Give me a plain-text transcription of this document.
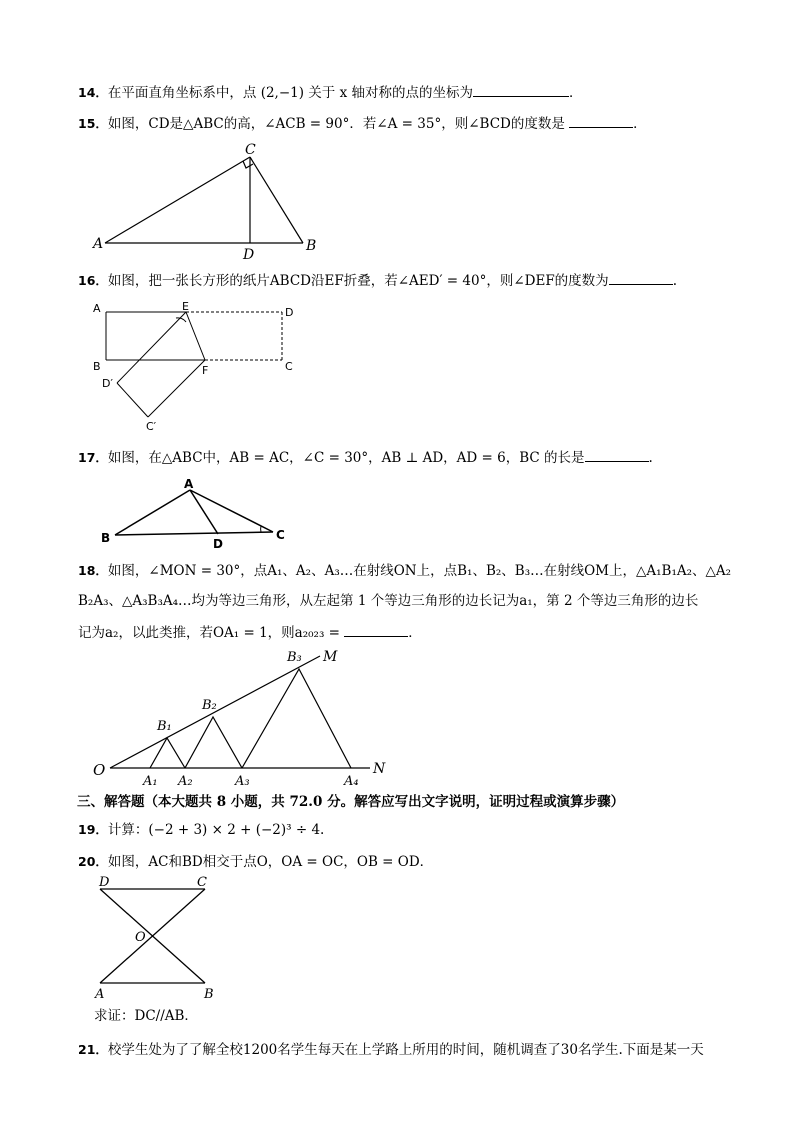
14．在平面直角坐标系中，点 (2,−1) 关于 x 轴对称的点的坐标为	．
15．如图，CD是△ABC的高，∠ACB = 90°．若∠A = 35°，则∠BCD的度数是	．
A	B
C
D
16．如图，把一张长方形的纸片ABCD沿EF折叠，若∠AED′ = 40°，则∠DEF的度数为	.
A
B	C
D
E
F
D′
C′
17．如图，在△ABC中，AB = AC，∠C = 30°，AB ⊥ AD，AD = 6，BC 的长是	.
A
B	C
D
18．如图，∠MON = 30°，点A₁、A₂、A₃…在射线ON上，点B₁、B₂、B₃…在射线OM上，△A₁B₁A₂、△A₂
B₂A₃、△A₃B₃A₄…均为等边三角形，从左起第 1 个等边三角形的边长记为a₁，第 2 个等边三角形的边长
记为a₂，以此类推，若OA₁ = 1，则a₂₀₂₃ =	．
O	N
M
A₁ A₂	A₃	A₄
B₁
B₂
B₃
三、解答题（本大题共 8 小题，共 72.0 分。解答应写出文字说明，证明过程或演算步骤）
19．计算：(−2 + 3) × 2 + (−2)³ ÷ 4.
20．如图，AC和BD相交于点O，OA = OC，OB = OD．
D	C
A	B
O
求证：DC//AB．
21．校学生处为了了解全校1200名学生每天在上学路上所用的时间，随机调查了30名学生.下面是某一天
